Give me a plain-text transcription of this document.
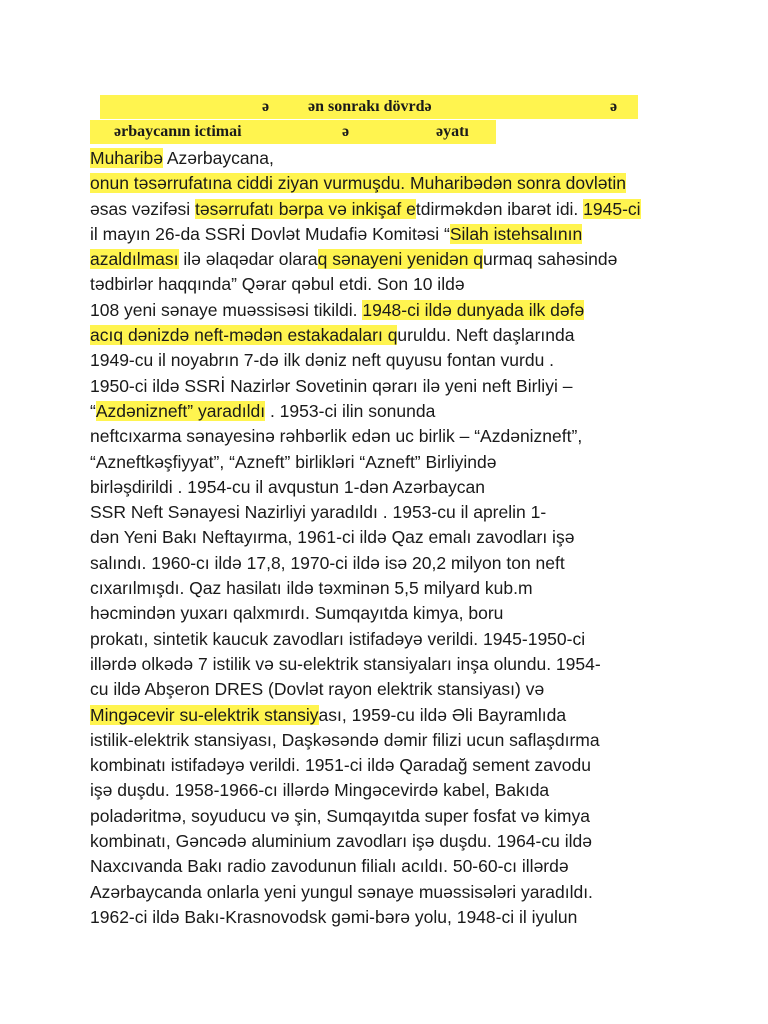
ə ən sonrakı dövrdə	ə
ərbaycanın ictimai	ə	əyatı
Muharibə Azərbaycana,
onun təsərrufatına ciddi ziyan vurmuşdu. Muharibədən sonra dovlətin
əsas vəzifəsi təsərrufatı bərpa və inkişaf etdirməkdən ibarət idi. 1945-ci
il mayın 26-da SSRİ Dovlət Mudafiə Komitəsi “Silah istehsalının
azaldılması ilə əlaqədar olaraq sənayeni yenidən qurmaq sahəsində
tədbirlər haqqında” Qərar qəbul etdi. Son 10 ildə
108 yeni sənaye muəssisəsi tikildi. 1948-ci ildə dunyada ilk dəfə
acıq dənizdə neft-mədən estakadaları quruldu. Neft daşlarında
1949-cu il noyabrın 7-də ilk dəniz neft quyusu fontan vurdu .
1950-ci ildə SSRİ Nazirlər Sovetinin qərarı ilə yeni neft Birliyi –
“Azdənizneft” yaradıldı . 1953-ci ilin sonunda
neftcıxarma sənayesinə rəhbərlik edən uc birlik – “Azdənizneft”,
“Azneftkəşfiyyat”, “Azneft” birlikləri “Azneft” Birliyində
birləşdirildi . 1954-cu il avqustun 1-dən Azərbaycan
SSR Neft Sənayesi Nazirliyi yaradıldı . 1953-cu il aprelin 1-
dən Yeni Bakı Neftayırma, 1961-ci ildə Qaz emalı zavodları işə
salındı. 1960-cı ildə 17,8, 1970-ci ildə isə 20,2 milyon ton neft
cıxarılmışdı. Qaz hasilatı ildə təxminən 5,5 milyard kub.m
həcmindən yuxarı qalxmırdı. Sumqayıtda kimya, boru
prokatı, sintetik kaucuk zavodları istifadəyə verildi. 1945-1950-ci
illərdə olkədə 7 istilik və su-elektrik stansiyaları inşa olundu. 1954-
cu ildə Abşeron DRES (Dovlət rayon elektrik stansiyası) və
Mingəcevir su-elektrik stansiyası, 1959-cu ildə Əli Bayramlıda
istilik-elektrik stansiyası, Daşkəsəndə dəmir filizi ucun saflaşdırma
kombinatı istifadəyə verildi. 1951-ci ildə Qaradağ sement zavodu
işə duşdu. 1958-1966-cı illərdə Mingəcevirdə kabel, Bakıda
poladəritmə, soyuducu və şin, Sumqayıtda super fosfat və kimya
kombinatı, Gəncədə aluminium zavodları işə duşdu. 1964-cu ildə
Naxcıvanda Bakı radio zavodunun filialı acıldı. 50-60-cı illərdə
Azərbaycanda onlarla yeni yungul sənaye muəssisələri yaradıldı.
1962-ci ildə Bakı-Krasnovodsk gəmi-bərə yolu, 1948-ci il iyulun
